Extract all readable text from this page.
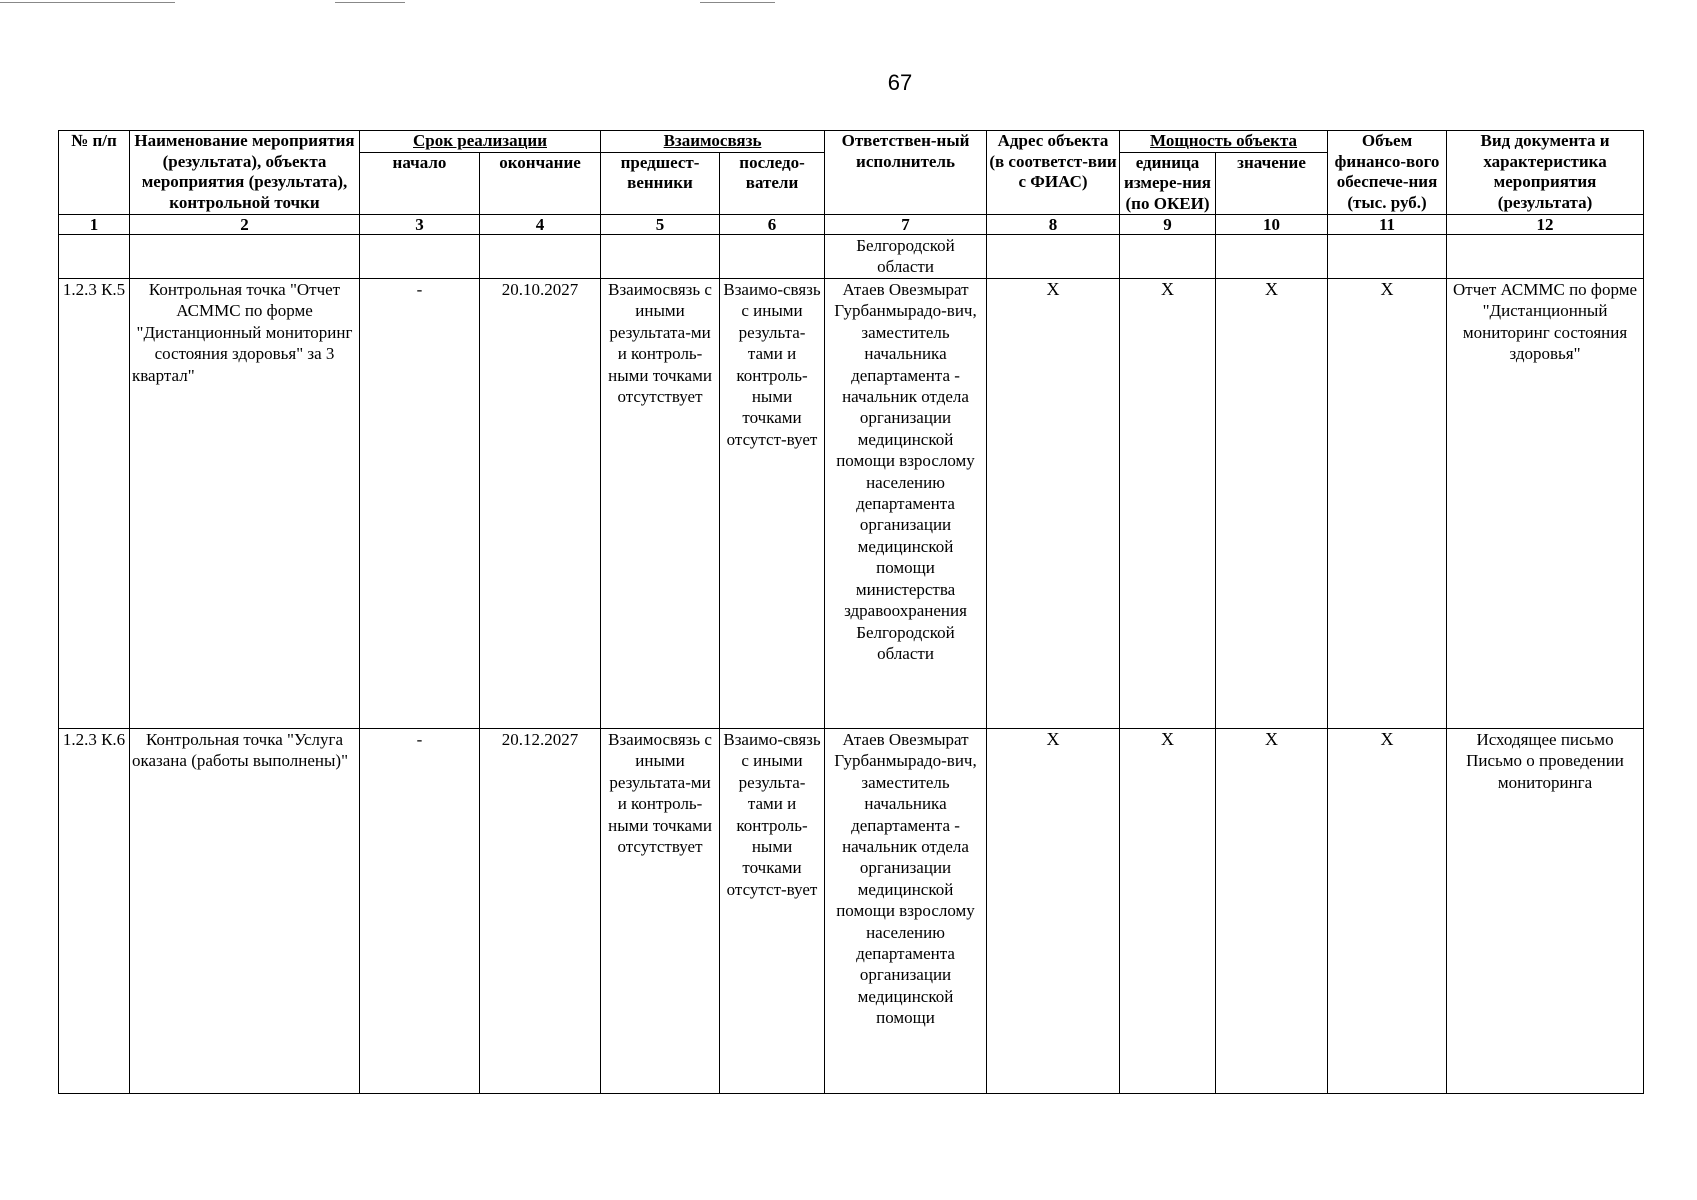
67
№ п/п	Наименование мероприятия (результата), объекта мероприятия (результата), контрольной точки	Срок реализации		Взаимосвязь		Ответствен-ный исполнитель	Адрес объекта (в соответст-вии с ФИАС)	Мощность объекта		Объем финансо-вого обеспече-ния (тыс. руб.)	Вид документа и характеристика мероприятия (результата)
		начало	окончание	предшест-венники	последо-ватели			единица измере-ния (по ОКЕИ)	значение		
1	2	3	4	5	6	7	8	9	10	11	12
						Белгородской области					
1.2.3 К.5	Контрольная точка "Отчет АСММС по форме "Дистанционный мониторинг состояния здоровья" за 3 квартал"	-	20.10.2027	Взаимосвязь с иными результата-ми и контроль-ными точками отсутствует	Взаимо-связь с иными результа-тами и контроль-ными точками отсутст-вует	Атаев Овезмырат Гурбанмырадо-вич, заместитель начальника департамента - начальник отдела организации медицинской помощи взрослому населению департамента организации медицинской помощи министерства здравоохранения Белгородской области	X	X	X	X	Отчет АСММС по форме "Дистанционный мониторинг состояния здоровья"
1.2.3 К.6	Контрольная точка "Услуга оказана (работы выполнены)"	-	20.12.2027	Взаимосвязь с иными результата-ми и контроль-ными точками отсутствует	Взаимо-связь с иными результа-тами и контроль-ными точками отсутст-вует	Атаев Овезмырат Гурбанмырадо-вич, заместитель начальника департамента - начальник отдела организации медицинской помощи взрослому населению департамента организации медицинской помощи	X	X	X	X	Исходящее письмо Письмо о проведении мониторинга
